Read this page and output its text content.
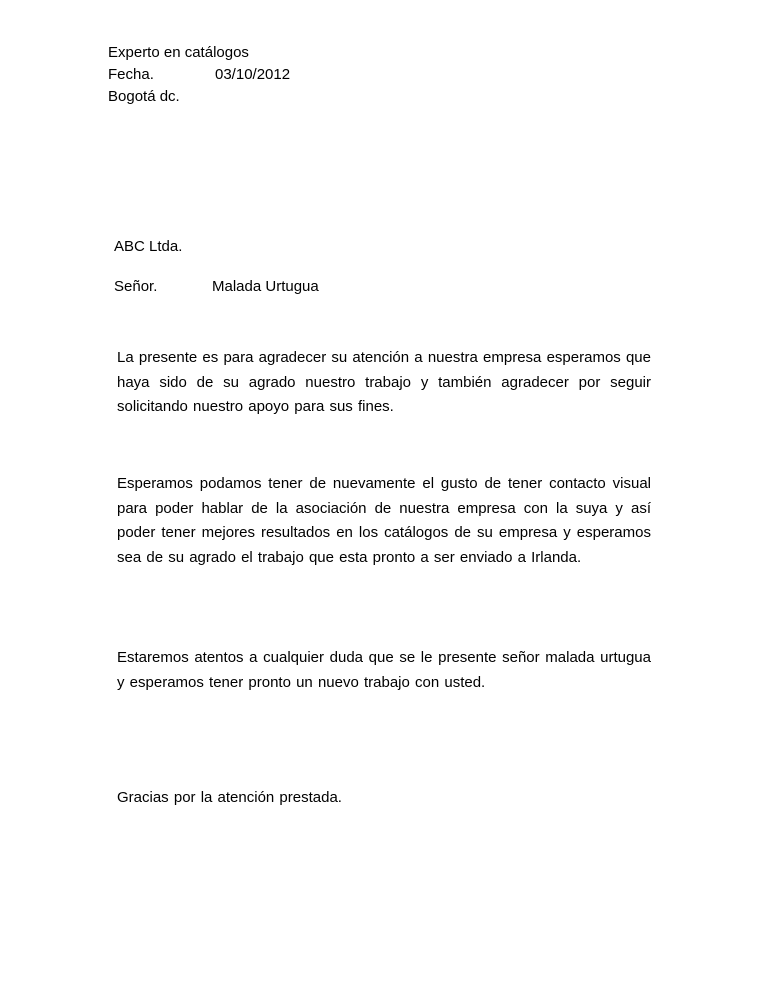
Experto en catálogos
Fecha.	03/10/2012
Bogotá dc.
ABC Ltda.
Señor.	Malada Urtugua
La presente es para agradecer su atención a nuestra empresa esperamos que haya sido de su agrado nuestro trabajo y también agradecer por seguir solicitando nuestro apoyo para sus fines.
Esperamos podamos tener de nuevamente el gusto de tener contacto visual para poder hablar de la asociación de nuestra empresa con la suya y así poder tener mejores resultados en los catálogos de su empresa y esperamos sea de su agrado el trabajo que esta pronto a ser enviado a Irlanda.
Estaremos atentos a cualquier duda que se le presente señor malada urtugua y esperamos tener pronto un nuevo trabajo con usted.
Gracias por la atención prestada.
